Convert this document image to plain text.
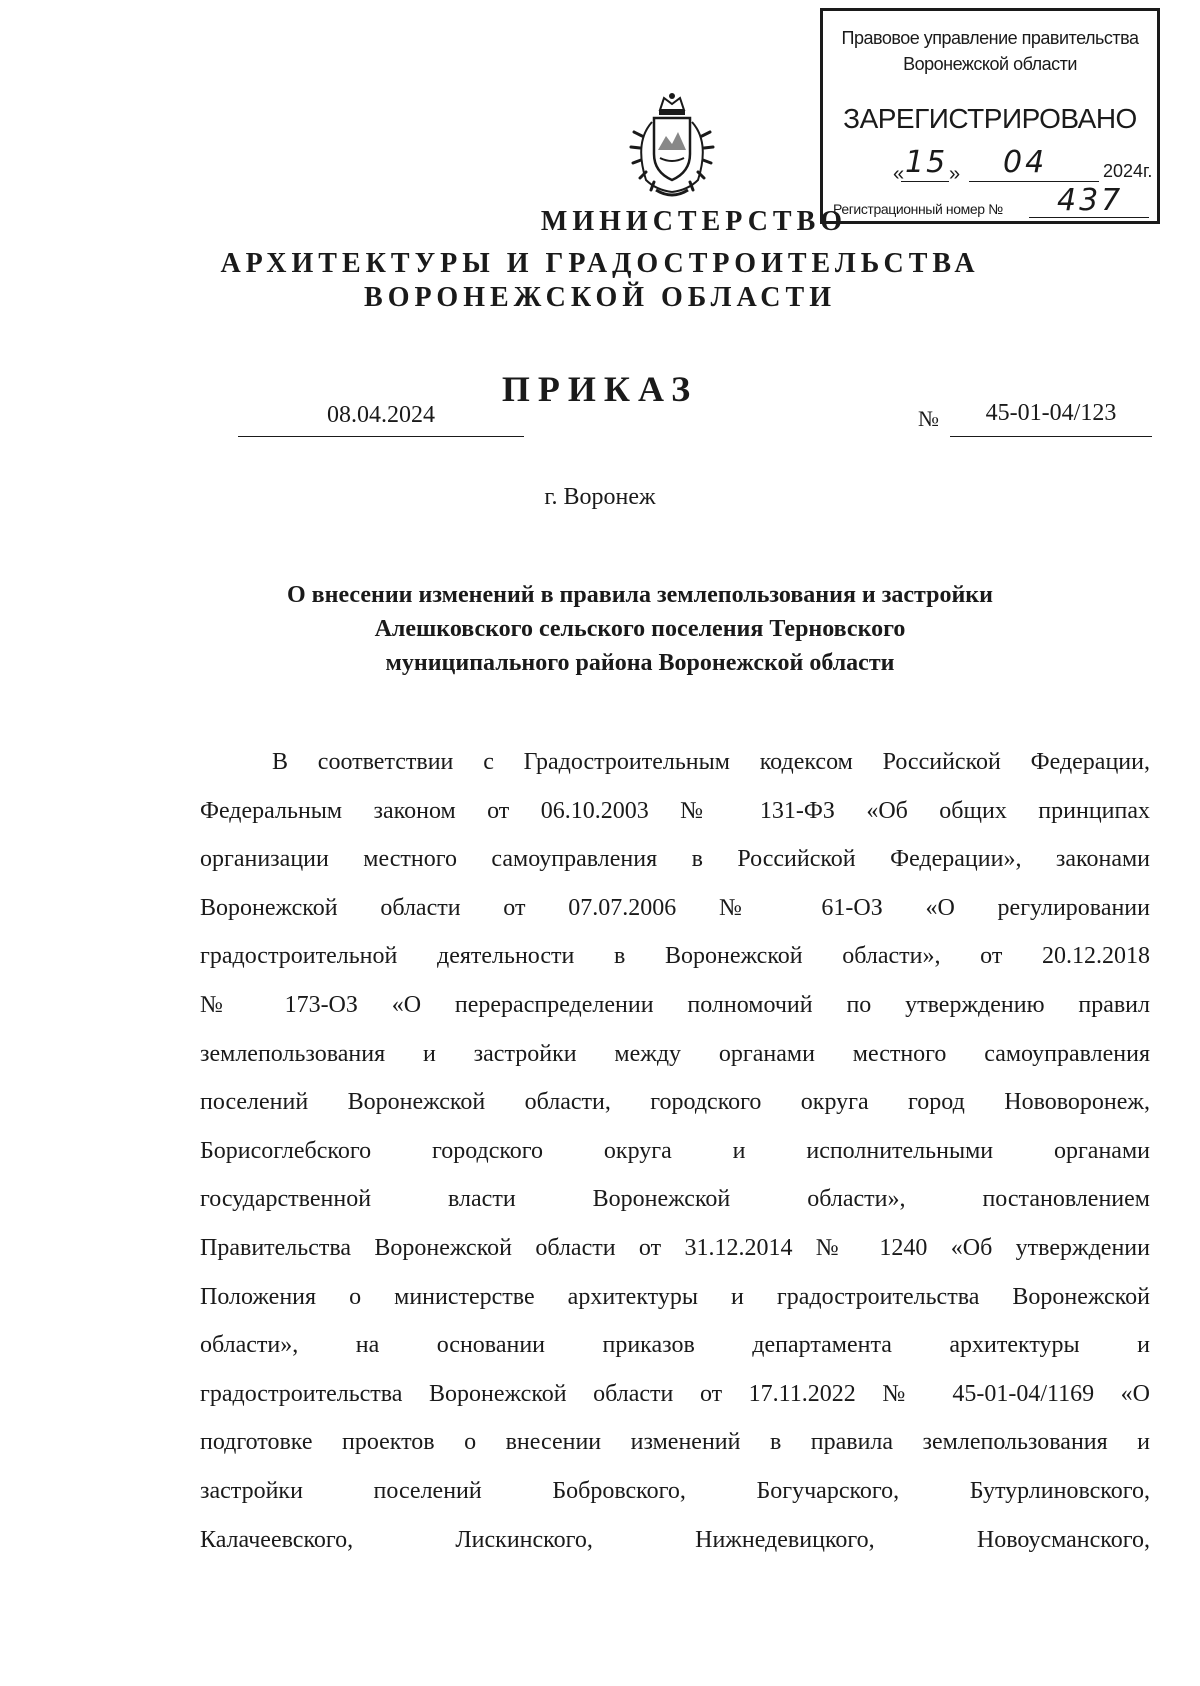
Правовое управление правительства
Воронежской области
ЗАРЕГИСТРИРОВАНО
« 15 » 04	2024г.
Регистрационный номер № 437
МИНИСТЕРСТВО
АРХИТЕКТУРЫ И ГРАДОСТРОИТЕЛЬСТВА
ВОРОНЕЖСКОЙ ОБЛАСТИ
ПРИКАЗ
08.04.2024	№	45-01-04/123
г. Воронеж
О внесении изменений в правила землепользования и застройки
Алешковского сельского поселения Терновского
муниципального района Воронежской области
В соответствии с Градостроительным кодексом Российской Федерации,
Федеральным законом от 06.10.2003 № 131-ФЗ «Об общих принципах
организации местного самоуправления в Российской Федерации», законами
Воронежской области от 07.07.2006 № 61-ОЗ «О регулировании
градостроительной деятельности в Воронежской области», от 20.12.2018
№ 173-ОЗ «О перераспределении полномочий по утверждению правил
землепользования и застройки между органами местного самоуправления
поселений Воронежской области, городского округа город Нововоронеж,
Борисоглебского городского округа и исполнительными органами
государственной власти Воронежской области», постановлением
Правительства Воронежской области от 31.12.2014 № 1240 «Об утверждении
Положения о министерстве архитектуры и градостроительства Воронежской
области», на основании приказов департамента архитектуры и
градостроительства Воронежской области от 17.11.2022 № 45-01-04/1169 «О
подготовке проектов о внесении изменений в правила землепользования и
застройки поселений Бобровского, Богучарского, Бутурлиновского,
Калачеевского, Лискинского, Нижнедевицкого, Новоусманского,
